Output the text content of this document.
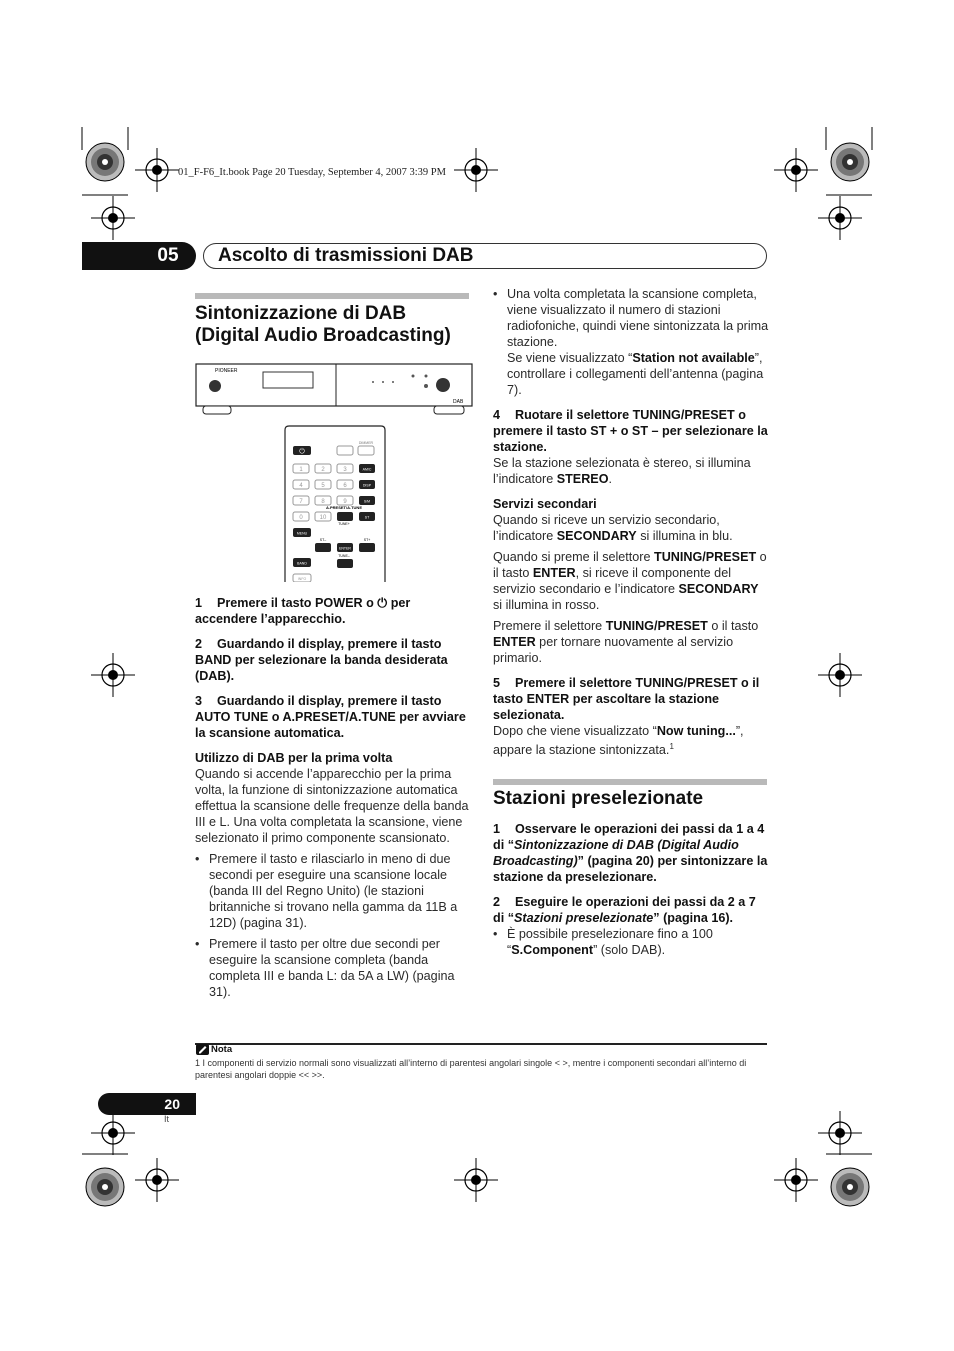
01_F-F6_It.book Page 20 Tuesday, September 4, 2007 3:39 PM
05	Ascolto di trasmissioni DAB
Sintonizzazione di DAB
(Digital Audio Broadcasting)
PIONEER
DAB
⏻
DIMMER
1	2	3
4	5	6
7	8	9
10
0
AM/C
DISP
S/M
ST
A.PRESET/A.TUNE
TUNE+
MENU
ST–	ST+
ENTER
TUNE–
BAND
INFO

1 Premere il tasto POWER o ⏻ per accendere l’apparecchio.

2 Guardando il display, premere il tasto BAND per selezionare la banda desiderata (DAB).

3 Guardando il display, premere il tasto AUTO TUNE o A.PRESET/A.TUNE per avviare la scansione automatica.

Utilizzo di DAB per la prima volta

Quando si accende l’apparecchio per la prima volta, la funzione di sintonizzazione automatica effettua la scansione delle frequenze della banda III e L. Una volta completata la scansione, viene selezionato il primo componente scansionato.

• Premere il tasto e rilasciarlo in meno di due secondi per eseguire una scansione locale (banda III del Regno Unito) (le stazioni britanniche si trovano nella gamma da 11B a 12D) (pagina 31).

• Premere il tasto per oltre due secondi per eseguire la scansione completa (banda completa III e banda L: da 5A a LW) (pagina 31).

• Una volta completata la scansione completa, viene visualizzato il numero di stazioni radiofoniche, quindi viene sintonizzata la prima stazione.
Se viene visualizzato “Station not available”, controllare i collegamenti dell’antenna (pagina 7).

4 Ruotare il selettore TUNING/PRESET o premere il tasto ST + o ST – per selezionare la stazione.

Se la stazione selezionata è stereo, si illumina l’indicatore STEREO.

Servizi secondari

Quando si riceve un servizio secondario, l’indicatore SECONDARY si illumina in blu.

Quando si preme il selettore TUNING/PRESET o il tasto ENTER, si riceve il componente del servizio secondario e l’indicatore SECONDARY si illumina in rosso.

Premere il selettore TUNING/PRESET o il tasto ENTER per tornare nuovamente al servizio primario.

5 Premere il selettore TUNING/PRESET o il tasto ENTER per ascoltare la stazione selezionata.

Dopo che viene visualizzato “Now tuning...”, appare la stazione sintonizzata.$^1$

Stazioni preselezionate

1 Osservare le operazioni dei passi da 1 a 4 di “Sintonizzazione di DAB (Digital Audio Broadcasting)” (pagina 20) per sintonizzare la stazione da preselezionare.

2 Eseguire le operazioni dei passi da 2 a 7 di “Stazioni preselezionate” (pagina 16).

• È possibile preselezionare fino a 100 “S.Component” (solo DAB).

Nota
1 I componenti di servizio normali sono visualizzati all’interno di parentesi angolari singole < >, mentre i componenti secondari all’interno di parentesi angolari doppie << >>.
20
It
